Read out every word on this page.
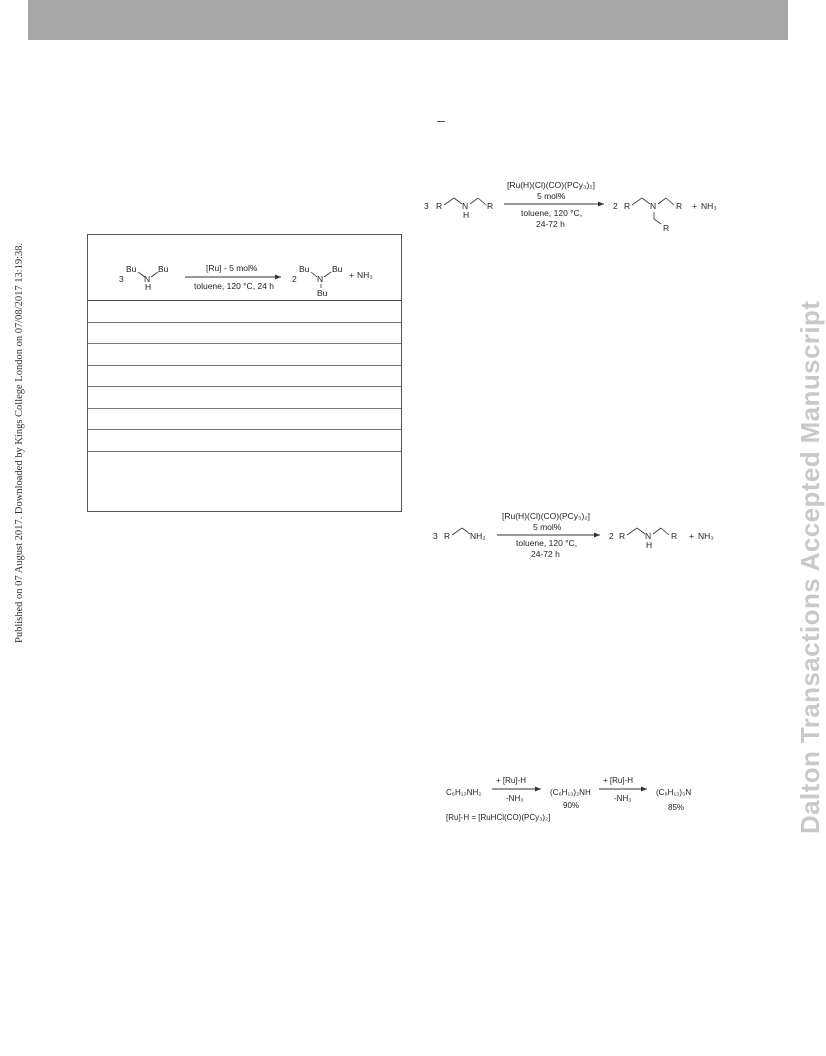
Published on 07 August 2017. Downloaded by Kings College London on 07/08/2017 13:19:38.	Dalton Transactions Accepted Manuscript
3
Bu
N
H
Bu	[Ru] - 5 mol%
toluene, 120 °C, 24 h
2
Bu
N
Bu
Bu
+ NH₃
3 R N
H
R
[Ru(H)(Cl)(CO)(PCy₃)₂]
5 mol%
toluene, 120 °C,
24-72 h
2 R N R
R
+ NH₃
3 R NH₂
[Ru(H)(Cl)(CO)(PCy₃)₂]
5 mol%
toluene, 120 °C,
24-72 h
2 R N
H
R + NH₃
C₆H₁₃NH₂
+ [Ru]-H
-NH₃
(C₆H₁₃)₂NH
90%
+ [Ru]-H
-NH₃
(C₆H₁₃)₃N
85%
[Ru]-H = [RuHCl(CO)(PCy₃)₂]
